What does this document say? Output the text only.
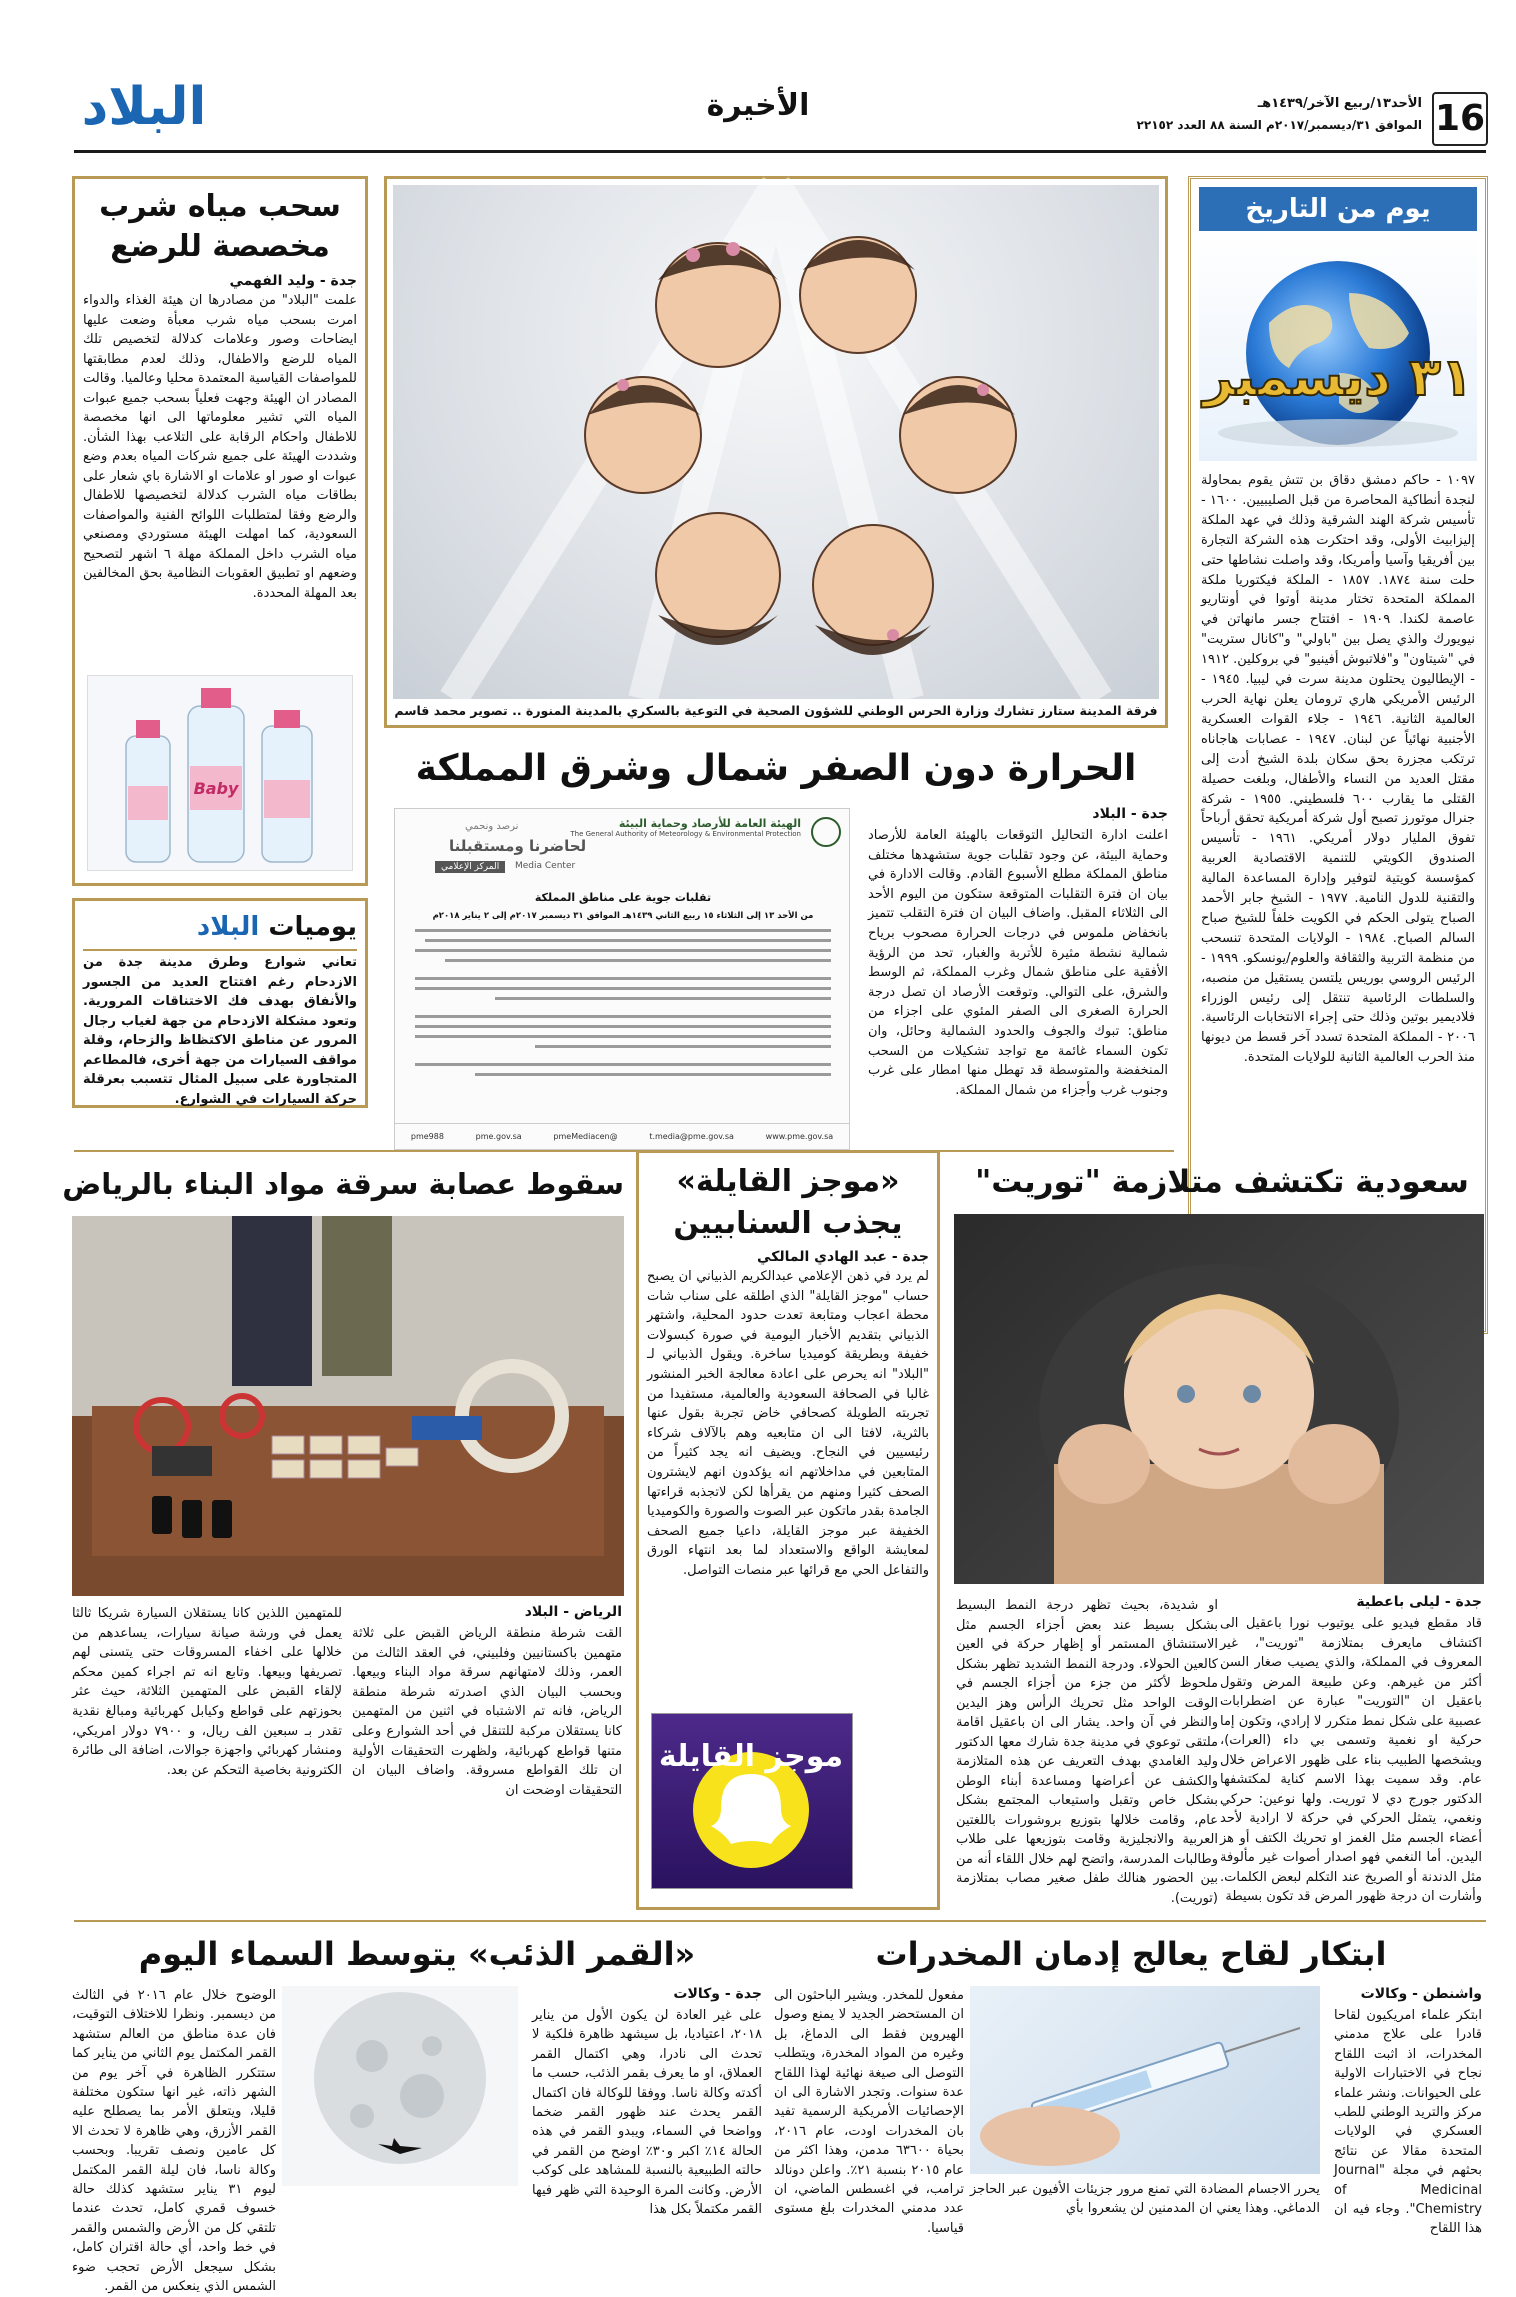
16
الأحد١٣/ربيع الآخر/١٤٣٩هـ
الموافق ٣١/ديسمبر/٢٠١٧م السنة ٨٨ العدد ٢٢١٥٢
الأخيرة
البلاد
يوم من التاريخ
٣١ ديسمبر
١٠٩٧ - حاكم دمشق دقاق بن تتش يقوم بمحاولة لنجدة أنطاكية المحاصرة من قبل الصليبيين. ١٦٠٠ - تأسيس شركة الهند الشرقية وذلك في عهد الملكة إليزابيث الأولى، وقد احتكرت هذه الشركة التجارة بين أفريقيا وآسيا وأمريكا، وقد واصلت نشاطها حتى حلت سنة ١٨٧٤. ١٨٥٧ - الملكة فيكتوريا ملكة المملكة المتحدة تختار مدينة أوتوا في أونتاريو عاصمة لكندا. ١٩٠٩ - افتتاح جسر مانهاتن في نيويورك والذي يصل بين "باولي" و"كانال ستريت" في "شيتاون" و"فلاتبوش أفينيو" في بروكلين. ١٩١٢ - الإيطاليون يحتلون مدينة سرت في ليبيا. ١٩٤٥ - الرئيس الأمريكي هاري ترومان يعلن نهاية الحرب العالمية الثانية. ١٩٤٦ - جلاء القوات العسكرية الأجنبية نهائياً عن لبنان. ١٩٤٧ - عصابات هاجاناه ترتكب مجزرة بحق سكان بلدة الشيخ أدت إلى مقتل العديد من النساء والأطفال، وبلغت حصيلة القتلى ما يقارب ٦٠٠ فلسطيني. ١٩٥٥ - شركة جنرال موتورز تصبح أول شركة أمريكية تحقق أرباحاً تفوق المليار دولار أمريكي. ١٩٦١ - تأسيس الصندوق الكويتي للتنمية الاقتصادية العربية كمؤسسة كويتية لتوفير وإدارة المساعدة المالية والتقنية للدول النامية. ١٩٧٧ - الشيخ جابر الأحمد الصباح يتولى الحكم في الكويت خلفاً للشيخ صباح السالم الصباح. ١٩٨٤ - الولايات المتحدة تنسحب من منظمة التربية والثقافة والعلوم/يونسكو. ١٩٩٩ - الرئيس الروسي بوريس يلتسن يستقيل من منصبه، والسلطات الرئاسية تنتقل إلى رئيس الوزراء فلاديمير بوتين وذلك حتى إجراء الانتخابات الرئاسية. ٢٠٠٦ - المملكة المتحدة تسدد آخر قسط من ديونها منذ الحرب العالمية الثانية للولايات المتحدة.
فرقة المدينة ستارز تشارك وزارة الحرس الوطني للشؤون الصحية في التوعية بالسكري بالمدينة المنورة .. تصوير محمد قاسم
سحب مياه شرب
مخصصة للرضع
جدة - وليد الفهمي
علمت "البلاد" من مصادرها ان هيئة الغذاء والدواء امرت بسحب مياه شرب معبأة وضعت عليها ايضاحات وصور وعلامات كدلالة لتخصيص تلك المياه للرضع والاطفال، وذلك لعدم مطابقتها للمواصفات القياسية المعتمدة محليا وعالميا. وقالت المصادر ان الهيئة وجهت فعلياً بسحب جميع عبوات المياه التي تشير معلوماتها الى انها مخصصة للاطفال واحكام الرقابة على التلاعب بهذا الشأن. وشددت الهيئة على جميع شركات المياه بعدم وضع عبوات او صور او علامات او الاشارة باي شعار على بطاقات مياه الشرب كدلالة لتخصيصها للاطفال والرضع وفقا لمتطلبات اللوائح الفنية والمواصفات السعودية، كما امهلت الهيئة مستوردي ومصنعي مياه الشرب داخل المملكة مهلة ٦ اشهر لتصحيح وضعهم او تطبيق العقوبات النظامية بحق المخالفين بعد المهلة المحددة.
Baby
يوميات البلاد
تعاني شوارع وطرق مدينة جدة من الازدحام رغم افتتاح العديد من الجسور والأنفاق بهدف فك الاختناقات المرورية. وتعود مشكلة الازدحام من جهة لغياب رجال المرور عن مناطق الاكتظاظ والزحام، وقلة مواقف السيارات من جهة أخرى، فالمطاعم المتجاورة على سبيل المثال تتسبب بعرقلة حركة السيارات في الشوارع.
الحرارة دون الصفر شمال وشرق المملكة
جدة - البلاد
اعلنت ادارة التحاليل التوقعات بالهيئة العامة للأرصاد وحماية البيئة، عن وجود تقلبات جوية ستشهدها مختلف مناطق المملكة مطلع الأسبوع القادم. وقالت الادارة في بيان ان فترة التقلبات المتوقعة ستكون من اليوم الأحد الى الثلاثاء المقبل. واضاف البيان ان فترة التقلب تتميز بانخفاض ملموس في درجات الحرارة مصحوب برياح شمالية نشطة مثيرة للأتربة والغبار، تحد من الرؤية الأفقية على مناطق شمال وغرب المملكة، ثم الوسط والشرق، على التوالي. وتوقعت الأرصاد ان تصل درجة الحرارة الصغرى الى الصفر المئوي على اجزاء من مناطق: تبوك والجوف والحدود الشمالية وحائل، وان تكون السماء غائمة مع تواجد تشكيلات من السحب المنخفضة والمتوسطة قد تهطل منها امطار على غرب وجنوب غرب وأجزاء من شمال المملكة.
الهيئة العامة للأرصاد وحماية البيئة
The General Authority of Meteorology & Environmental Protection
نرصد ونحمي
لحاضرنا ومستقبلنا
المركز الإعلامي	Media Center
تقلبات جوية على مناطق المملكة
من الأحد ١٣ إلى الثلاثاء ١٥ ربيع الثاني ١٤٣٩هـ الموافق ٣١ ديسمبر ٢٠١٧م إلى ٢ يناير ٢٠١٨م
www.pme.gov.sa
t.media@pme.gov.sa
@pmeMediacen
pme.gov.sa
pme988
سعودية تكتشف متلازمة "توريت"
جدة - ليلى باعطية
قاد مقطع فيديو على يوتيوب نورا باعقيل الى اكتشاف مايعرف بمتلازمة "توريت"، غير المعروف في المملكة، والذي يصيب صغار السن أكثر من غيرهم. وعن طبيعة المرض وتقول باعقيل ان "التوريت" عبارة عن اضطرابات عصبية على شكل نمط متكرر لا إرادي، وتكون إما حركية او نغمية وتسمى بي داء (العرات)، ويشخصها الطبيب بناء على ظهور الاعراض خلال عام. وقد سميت بهذا الاسم كناية لمكتشفها الدكتور جورج دي لا توريت. ولها نوعين: حركي ونغمي، يتمثل الحركي في حركة لا ارادية لأحد أعضاء الجسم مثل الغمز او تحريك الكتف أو هز اليدين. أما النغمي فهو اصدار أصوات غير مألوفة مثل الدندنة أو الصريخ عند التكلم لبعض الكلمات. وأشارت ان درجة ظهور المرض قد تكون بسيطة
او شديدة، بحيث تظهر درجة النمط البسيط بشكل بسيط عند بعض أجزاء الجسم مثل الاستنشاق المستمر أو إظهار حركة في العين كالعين الحولاء. ودرجة النمط الشديد تظهر بشكل ملحوظ لأكثر من جزء من أجزاء الجسم في الوقت الواحد مثل تحريك الرأس وهز اليدين والنظر في آن واحد. يشار الى ان باعقيل اقامة ملتقى توعوي في مدينة جدة شارك معها الدكتور وليد الغامدي بهدف التعريف عن هذه المتلازمة والكشف عن أعراضها ومساعدة أبناء الوطن بشكل خاص وتقبل واستيعاب المجتمع بشكل عام، وقامت خلالها بتوزيع بروشورات باللغتين العربية والانجليزية وقامت بتوزيعها على طلاب وطالبات المدرسة، واتضح لهم خلال اللقاء أنه من بين الحضور هنالك طفل صغير مصاب بمتلازمة (توريت).
«موجز القايلة»
يجذب السنابيين
جدة - عبد الهادي المالكي
لم يرد في ذهن الإعلامي عبدالكريم الذبياني ان يصبح حساب "موجز القايلة" الذي اطلقه على سناب شات محطة اعجاب ومتابعة تعدت حدود المحلية، واشتهر الذبياني بتقديم الأخبار اليومية في صورة كبسولات خفيفة وبطريقة كوميديا ساخرة. ويقول الذبياني لـ "البلاد" انه يحرص على اعادة معالجة الخبر المنشور غالبا في الصحافة السعودية والعالمية، مستفيدا من تجربته الطويلة كصحافي خاض تجربة بقول عنها بالثرية، لافتا الى ان متابعيه وهم بالآلاف شركاء رئيسيين في النجاح. ويضيف انه يجد كثيراً من المتابعين في مداخلاتهم انه يؤكدون انهم لايشترون الصحف كثيرا ومنهم من يقرأها لكن لاتجذبه قراءتها الجامدة بقدر ماتكون عبر الصوت والصورة والكوميديا الخفيفة عبر موجز القايلة، داعيا جميع الصحف لمعايشة الواقع والاستعداد لما بعد انتهاء الورق والتفاعل الحي مع قرائها عبر منصات التواصل.
موجز القايلة
سقوط عصابة سرقة مواد البناء بالرياض
الرياض - البلاد
القت شرطة منطقة الرياض القبض على ثلاثة متهمين باكستانيين وفلبيني، في العقد الثالث من العمر، وذلك لامتهانهم سرقة مواد البناء وبيعها. وبحسب البيان الذي اصدرته شرطة منطقة الرياض، فانه تم الاشتباه في اثنين من المتهمين كانا يستقلان مركبة للتنقل في أحد الشوارع وعلى متنها قواطع كهربائية، ولظهرت التحقيقات الأولية ان تلك القواطع مسروقة. واضاف البيان ان التحقيقات اوضحت ان
للمتهمين اللذين كانا يستقلان السيارة شريكا ثالثا يعمل في ورشة صيانة سيارات، يساعدهم من خلالها على اخفاء المسروقات حتى يتسنى لهم تصريفها وبيعها. وتابع انه تم اجراء كمين محكم لإلقاء القبض على المتهمين الثلاثة، حيث عثر بحوزتهم على قواطع وكيابل كهربائية ومبالغ نقدية تقدر بـ سبعين الف ريال، و ٧٩٠٠ دولار امريكي، ومنشار كهربائي واجهزة جوالات، اضافة الى طائرة الكترونية بخاصية التحكم عن بعد.
ابتكار لقاح يعالج إدمان المخدرات
واشنطن - وكالات
ابتكر علماء امريكيون لقاحا قادرا على علاج مدمني المخدرات، اذ اثبت اللقاح نجاح في الاختبارات الاولية على الحيوانات. ونشر علماء مركز والتريد الوطني للطب العسكري في الولايات المتحدة مقالا عن نتائج بحثهم في مجلة "Journal of Medicinal Chemistry". وجاء فيه ان هذا اللقاح
يحرر الاجسام المضادة التي تمنع مرور جزيئات الأفيون عبر الحاجز الدماغي. وهذا يعني ان المدمنين لن يشعروا بأي
مفعول للمخدر. ويشير الباحثون الى ان المستحضر الجديد لا يمنع وصول الهيروين فقط الى الدماغ، بل وغيره من المواد المخدرة، ويتطلب التوصل الى صيغة نهائية لهذا اللقاح عدة سنوات. وتجدر الاشارة الى ان الإحصائيات الأمريكية الرسمية تفيد بان المخدرات اودت، عام ٢٠١٦، بحياة ٦٣٦٠٠ مدمن، وهذا اكثر من عام ٢٠١٥ بنسبة ٢١٪. واعلن دونالد ترامب، في اغسطس الماضي، ان عدد مدمني المخدرات بلغ مستوى قياسيا.
«القمر الذئب» يتوسط السماء اليوم
جدة - وكالات
على غير العادة لن يكون الأول من يناير ٢٠١٨، اعتياديا، بل سيشهد ظاهرة فلكية لا تحدث الى نادرا، وهي اكتمال القمر العملاق، او ما يعرف بقمر الذئب، حسب ما أكدته وكالة ناسا. ووفقا للوكالة فان اكتمال القمر يحدث عند ظهور القمر ضخما وواضحا في السماء، ويبدو القمر في هذه الحالة ١٤٪ اكبر و٣٠٪ اوضح من القمر في حالته الطبيعية بالنسبة للمشاهد على كوكب الأرض. وكانت المرة الوحيدة التي ظهر فيها القمر مكتملاً بكل هذا
الوضوح خلال عام ٢٠١٦ في الثالث من ديسمبر. ونظرا للاختلاف التوقيت، فان عدة مناطق من العالم ستشهد القمر المكتمل يوم الثاني من يناير كما ستتكرر الظاهرة في آخر يوم من الشهر ذاته، غير انها ستكون مختلفة قليلا، ويتعلق الأمر بما يصطلح عليه القمر الأزرق، وهي ظاهرة لا تحدث الا كل عامين ونصف تقريبا. وبحسب وكالة ناسا، فان ليلة القمر المكتمل ليوم ٣١ يناير ستشهد كذلك حالة خسوف قمري كامل، تحدث عندما تلتقي كل من الأرض والشمس والقمر في خط واحد، أي حالة اقتران كامل، بشكل سيجعل الأرض تحجب ضوء الشمس الذي ينعكس من القمر.
